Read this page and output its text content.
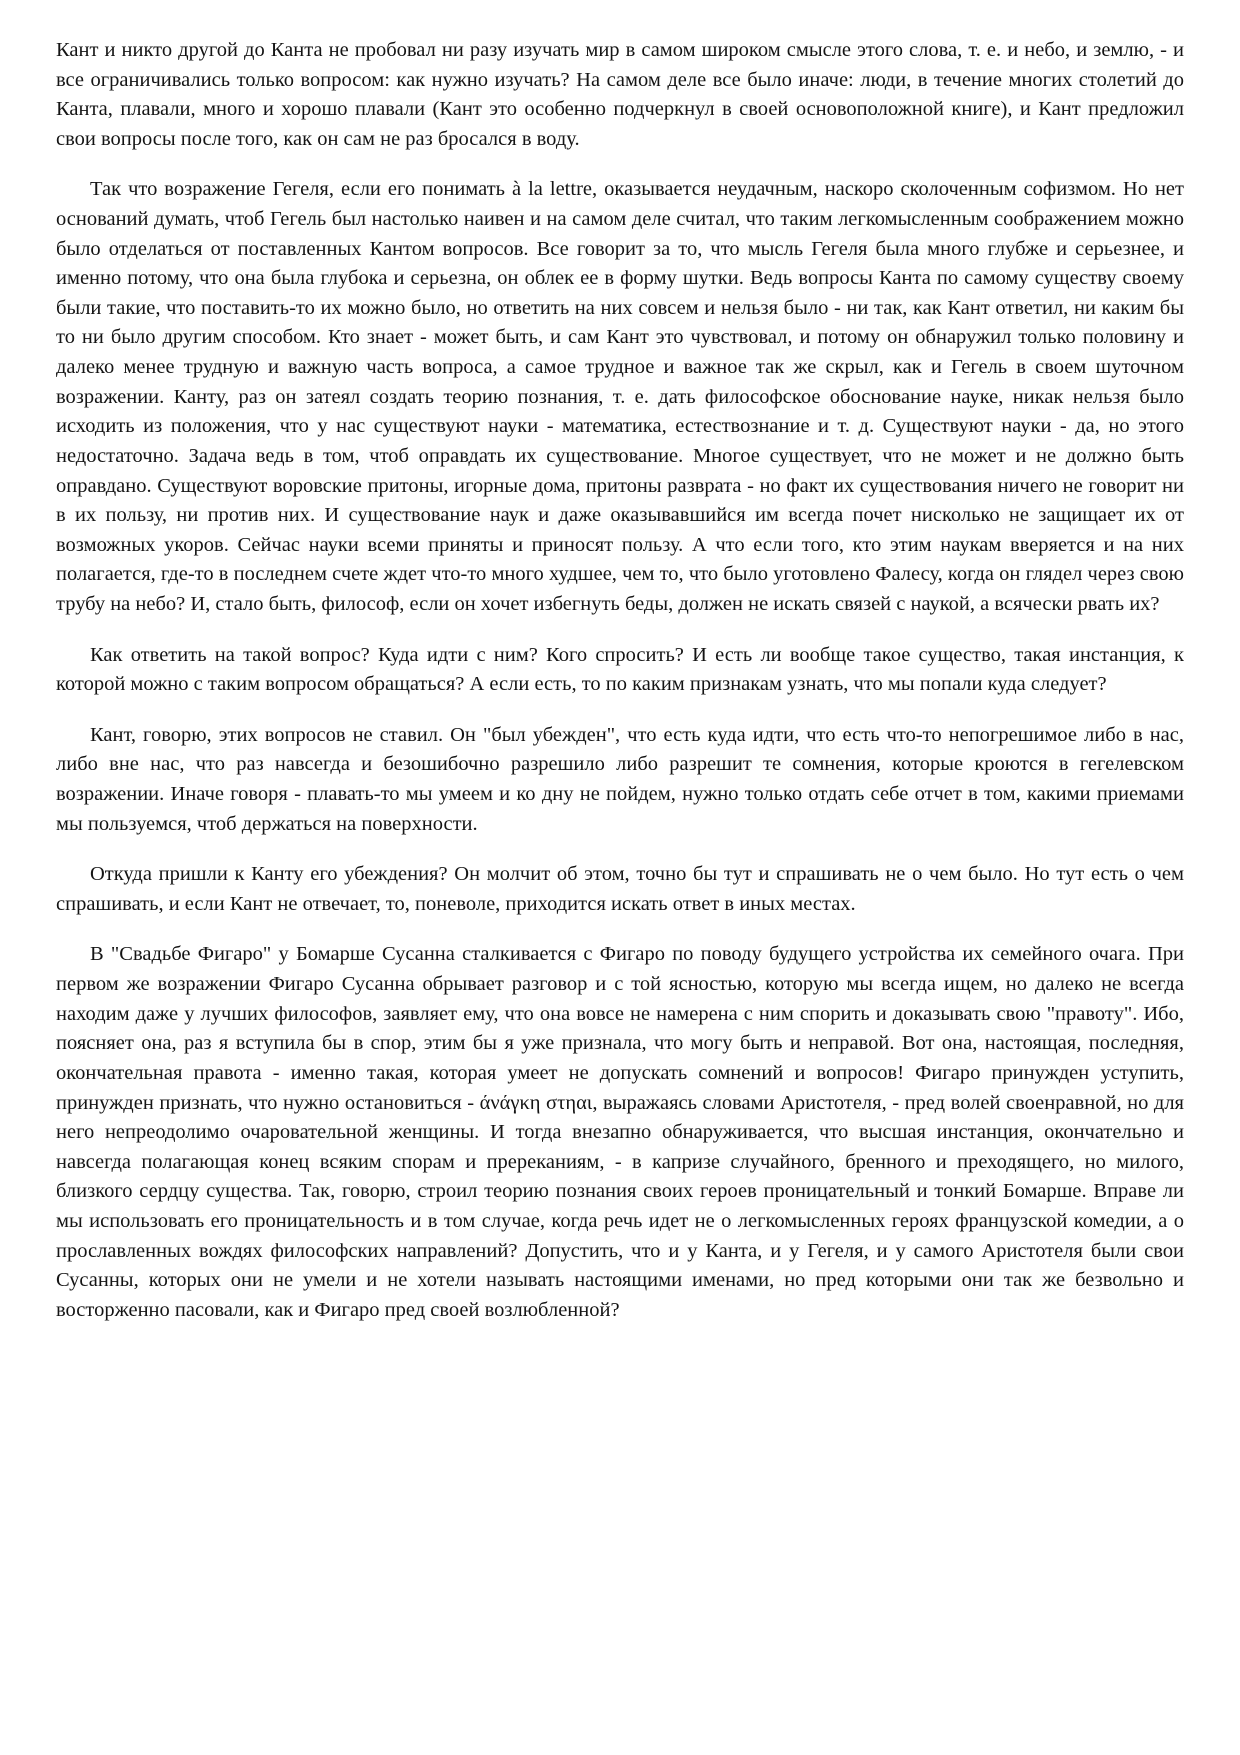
Кант и никто другой до Канта не пробовал ни разу изучать мир в самом широком смысле этого слова, т. е. и небо, и землю, - и все ограничивались только вопросом: как нужно изучать? На самом деле все было иначе: люди, в течение многих столетий до Канта, плавали, много и хорошо плавали (Кант это особенно подчеркнул в своей основоположной книге), и Кант предложил свои вопросы после того, как он сам не раз бросался в воду.

Так что возражение Гегеля, если его понимать à la lettre, оказывается неудачным, наскоро сколоченным софизмом. Но нет оснований думать, чтоб Гегель был настолько наивен и на самом деле считал, что таким легкомысленным соображением можно было отделаться от поставленных Кантом вопросов. Все говорит за то, что мысль Гегеля была много глубже и серьезнее, и именно потому, что она была глубока и серьезна, он облек ее в форму шутки. Ведь вопросы Канта по самому существу своему были такие, что поставить-то их можно было, но ответить на них совсем и нельзя было - ни так, как Кант ответил, ни каким бы то ни было другим способом. Кто знает - может быть, и сам Кант это чувствовал, и потому он обнаружил только половину и далеко менее трудную и важную часть вопроса, а самое трудное и важное так же скрыл, как и Гегель в своем шуточном возражении. Канту, раз он затеял создать теорию познания, т. е. дать философское обоснование науке, никак нельзя было исходить из положения, что у нас существуют науки - математика, естествознание и т. д. Существуют науки - да, но этого недостаточно. Задача ведь в том, чтоб оправдать их существование. Многое существует, что не может и не должно быть оправдано. Существуют воровские притоны, игорные дома, притоны разврата - но факт их существования ничего не говорит ни в их пользу, ни против них. И существование наук и даже оказывавшийся им всегда почет нисколько не защищает их от возможных укоров. Сейчас науки всеми приняты и приносят пользу. А что если того, кто этим наукам вверяется и на них полагается, где-то в последнем счете ждет что-то много худшее, чем то, что было уготовлено Фалесу, когда он глядел через свою трубу на небо? И, стало быть, философ, если он хочет избегнуть беды, должен не искать связей с наукой, а всячески рвать их?

Как ответить на такой вопрос? Куда идти с ним? Кого спросить? И есть ли вообще такое существо, такая инстанция, к которой можно с таким вопросом обращаться? А если есть, то по каким признакам узнать, что мы попали куда следует?

Кант, говорю, этих вопросов не ставил. Он "был убежден", что есть куда идти, что есть что-то непогрешимое либо в нас, либо вне нас, что раз навсегда и безошибочно разрешило либо разрешит те сомнения, которые кроются в гегелевском возражении. Иначе говоря - плавать-то мы умеем и ко дну не пойдем, нужно только отдать себе отчет в том, какими приемами мы пользуемся, чтоб держаться на поверхности.

Откуда пришли к Канту его убеждения? Он молчит об этом, точно бы тут и спрашивать не о чем было. Но тут есть о чем спрашивать, и если Кант не отвечает, то, поневоле, приходится искать ответ в иных местах.

В "Свадьбе Фигаро" у Бомарше Сусанна сталкивается с Фигаро по поводу будущего устройства их семейного очага. При первом же возражении Фигаро Сусанна обрывает разговор и с той ясностью, которую мы всегда ищем, но далеко не всегда находим даже у лучших философов, заявляет ему, что она вовсе не намерена с ним спорить и доказывать свою "правоту". Ибо, поясняет она, раз я вступила бы в спор, этим бы я уже признала, что могу быть и неправой. Вот она, настоящая, последняя, окончательная правота - именно такая, которая умеет не допускать сомнений и вопросов! Фигаро принужден уступить, принужден признать, что нужно остановиться - άνάγκη στηαι, выражаясь словами Аристотеля, - пред волей своенравной, но для него непреодолимо очаровательной женщины. И тогда внезапно обнаруживается, что высшая инстанция, окончательно и навсегда полагающая конец всяким спорам и пререканиям, - в капризе случайного, бренного и преходящего, но милого, близкого сердцу существа. Так, говорю, строил теорию познания своих героев проницательный и тонкий Бомарше. Вправе ли мы использовать его проницательность и в том случае, когда речь идет не о легкомысленных героях французской комедии, а о прославленных вождях философских направлений? Допустить, что и у Канта, и у Гегеля, и у самого Аристотеля были свои Сусанны, которых они не умели и не хотели называть настоящими именами, но пред которыми они так же безвольно и восторженно пасовали, как и Фигаро пред своей возлюбленной?
